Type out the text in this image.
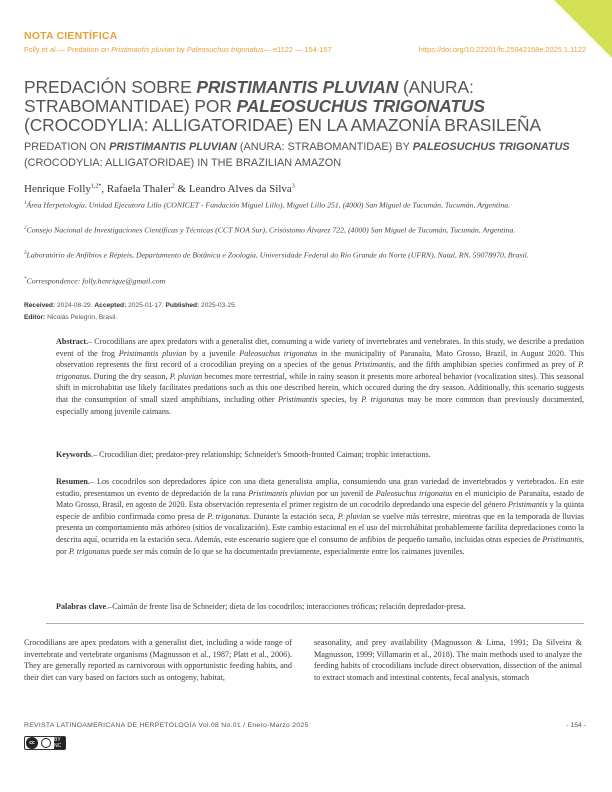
NOTA CIENTÍFICA
Folly et al.— Predation on Pristimantis pluvian by Paleosuchus trigonatus— e1122 — 154-157	https://doi.org/10.22201/fc.25942158e.2025.1.1122
PREDACIÓN SOBRE PRISTIMANTIS PLUVIAN (ANURA: STRABOMANTIDAE) POR PALEOSUCHUS TRIGONATUS (CROCODYLIA: ALLIGATORIDAE) EN LA AMAZONÍA BRASILEÑA
PREDATION ON PRISTIMANTIS PLUVIAN (ANURA: STRABOMANTIDAE) BY PALEOSUCHUS TRIGONATUS (CROCODYLIA: ALLIGATORIDAE) IN THE BRAZILIAN AMAZON
Henrique Folly$^{1,2*}$, Rafaela Thaler$^2$ & Leandro Alves da Silva$^3$
$^1$Área Herpetología, Unidad Ejecutora Lillo (CONICET - Fundación Miguel Lillo), Miguel Lillo 251, (4000) San Miguel de Tucumán, Tucumán, Argentina.
$^2$Consejo Nacional de Investigaciones Científicas y Técnicas (CCT NOA Sur), Crisóstomo Álvarez 722, (4000) San Miguel de Tucumán, Tucumán, Argentina.
$^3$Laboratório de Anfíbios e Répteis, Departamento de Botânica e Zoologia, Universidade Federal do Rio Grande do Norte (UFRN), Natal, RN, 59078970, Brasil.
*Correspondence: folly.henrique@gmail.com
Received: 2024-08-29. Accepted: 2025-01-17. Published: 2025-03-25.
Editor: Nicolás Pelegrín, Brasil.
Abstract.– Crocodilians are apex predators with a generalist diet, consuming a wide variety of invertebrates and vertebrates. In this study, we describe a predation event of the frog Pristimantis pluvian by a juvenile Paleosuchus trigonatus in the municipality of Paranaíta, Mato Grosso, Brazil, in August 2020. This observation represents the first record of a crocodilian preying on a species of the genus Pristimantis, and the fifth amphibian species confirmed as prey of P. trigonatus. During the dry season, P. pluvian becomes more terrestrial, while in rainy season it presents more arboreal behavior (vocalization sites). This seasonal shift in microhabitat use likely facilitates predations such as this one described herein, which occured during the dry season. Additionally, this scenario suggests that the consumption of small sized amphibians, including other Pristimantis species, by P. trigonatus may be more common than previously documented, especially among juvenile caimans.
Keywords.– Crocodilian diet; predator-prey relationship; Schneider's Smooth-fronted Caiman; trophic interactions.
Resumen.– Los cocodrilos son depredadores ápice con una dieta generalista amplia, consumiendo una gran variedad de invertebrados y vertebrados. En este estudio, presentamos un evento de depredación de la rana Pristimantis pluvian por un juvenil de Paleosuchus trigonatus en el municipio de Paranaíta, estado de Mato Grosso, Brasil, en agosto de 2020. Esta observación representa el primer registro de un cocodrilo depredando una especie del género Pristimantis y la quinta especie de anfibio confirmada como presa de P. trigonatus. Durante la estación seca, P. pluvian se vuelve más terrestre, mientras que en la temporada de lluvias presenta un comportamiento más arbóreo (sitios de vocalización). Este cambio estacional en el uso del microhábitat probablemente facilita depredaciones como la descrita aquí, ocurrida en la estación seca. Además, este escenario sugiere que el consumo de anfibios de pequeño tamaño, incluidas otras especies de Pristimantis, por P. trigonatus puede ser más común de lo que se ha documentado previamente, especialmente entre los caimanes juveniles.
Palabras clave.–Caimán de frente lisa de Schneider; dieta de los cocodrilos; interacciones tróficas; relación depredador-presa.
Crocodilians are apex predators with a generalist diet, including a wide range of invertebrate and vertebrate organisms (Magnusson et al., 1987; Platt et al., 2006). They are generally reported as carnivorous with opportunistic feeding habits, and their diet can vary based on factors such as ontogeny, habitat,
seasonality, and prey availability (Magnusson & Lima, 1991; Da Silveira & Magnusson, 1999; Villamarin et al., 2018). The main methods used to analyze the feeding habits of crocodilians include direct observation, dissection of the animal to extract stomach and intestinal contents, fecal analysis, stomach
REVISTA LATINOAMERICANA DE HERPETOLOGÍA Vol.08 No.01 / Enero-Marzo 2025	- 154 -
cc	BY NC
